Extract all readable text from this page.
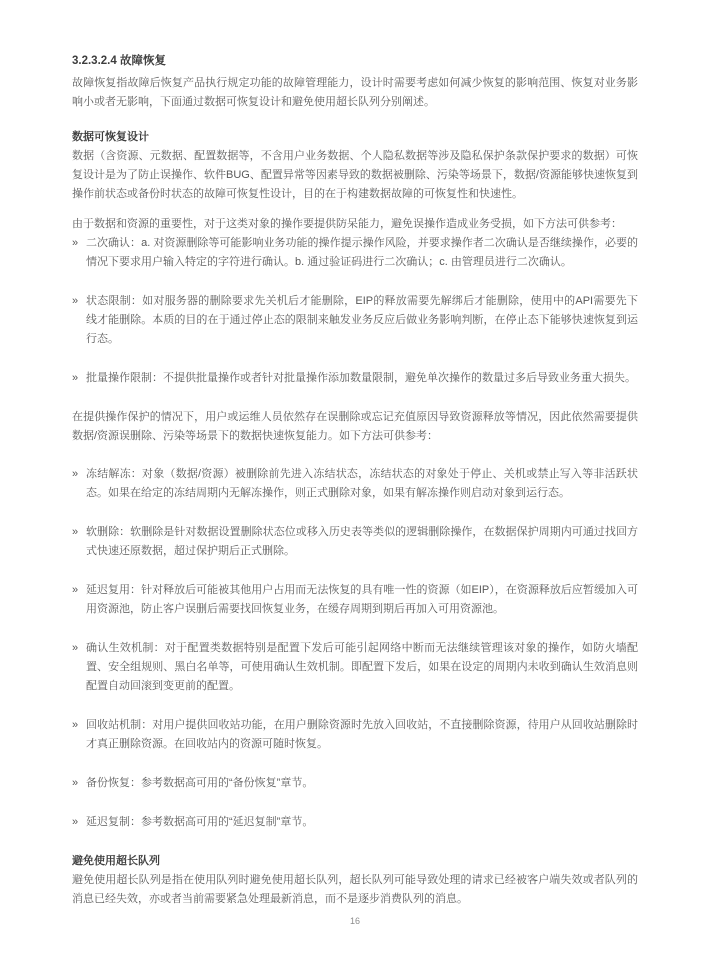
3.2.3.2.4 故障恢复

故障恢复指故障后恢复产品执行规定功能的故障管理能力，设计时需要考虑如何减少恢复的影响范围、恢复对业务影响小或者无影响，下面通过数据可恢复设计和避免使用超长队列分别阐述。

数据可恢复设计

数据（含资源、元数据、配置数据等，不含用户业务数据、个人隐私数据等涉及隐私保护条款保护要求的数据）可恢复设计是为了防止误操作、软件BUG、配置异常等因素导致的数据被删除、污染等场景下，数据/资源能够快速恢复到操作前状态或备份时状态的故障可恢复性设计，目的在于构建数据故障的可恢复性和快速性。

由于数据和资源的重要性，对于这类对象的操作要提供防呆能力，避免误操作造成业务受损，如下方法可供参考：

» 二次确认：a. 对资源删除等可能影响业务功能的操作提示操作风险，并要求操作者二次确认是否继续操作，必要的情况下要求用户输入特定的字符进行确认。b. 通过验证码进行二次确认；c. 由管理员进行二次确认。
» 状态限制：如对服务器的删除要求先关机后才能删除，EIP的释放需要先解绑后才能删除，使用中的API需要先下线才能删除。本质的目的在于通过停止态的限制来触发业务反应后做业务影响判断，在停止态下能够快速恢复到运行态。
» 批量操作限制：不提供批量操作或者针对批量操作添加数量限制，避免单次操作的数量过多后导致业务重大损失。

在提供操作保护的情况下，用户或运维人员依然存在误删除或忘记充值原因导致资源释放等情况，因此依然需要提供数据/资源误删除、污染等场景下的数据快速恢复能力。如下方法可供参考：

» 冻结解冻：对象（数据/资源）被删除前先进入冻结状态，冻结状态的对象处于停止、关机或禁止写入等非活跃状态。如果在给定的冻结周期内无解冻操作，则正式删除对象，如果有解冻操作则启动对象到运行态。
» 软删除：软删除是针对数据设置删除状态位或移入历史表等类似的逻辑删除操作，在数据保护周期内可通过找回方式快速还原数据，超过保护期后正式删除。
» 延迟复用：针对释放后可能被其他用户占用而无法恢复的具有唯一性的资源（如EIP），在资源释放后应暂缓加入可用资源池，防止客户误删后需要找回恢复业务，在缓存周期到期后再加入可用资源池。
» 确认生效机制：对于配置类数据特别是配置下发后可能引起网络中断而无法继续管理该对象的操作，如防火墙配置、安全组规则、黑白名单等，可使用确认生效机制。即配置下发后，如果在设定的周期内未收到确认生效消息则配置自动回滚到变更前的配置。
» 回收站机制：对用户提供回收站功能，在用户删除资源时先放入回收站，不直接删除资源，待用户从回收站删除时才真正删除资源。在回收站内的资源可随时恢复。
» 备份恢复：参考数据高可用的“备份恢复”章节。
» 延迟复制：参考数据高可用的“延迟复制”章节。
避免使用超长队列

避免使用超长队列是指在使用队列时避免使用超长队列，超长队列可能导致处理的请求已经被客户端失效或者队列的消息已经失效，亦或者当前需要紧急处理最新消息，而不是逐步消费队列的消息。

16
